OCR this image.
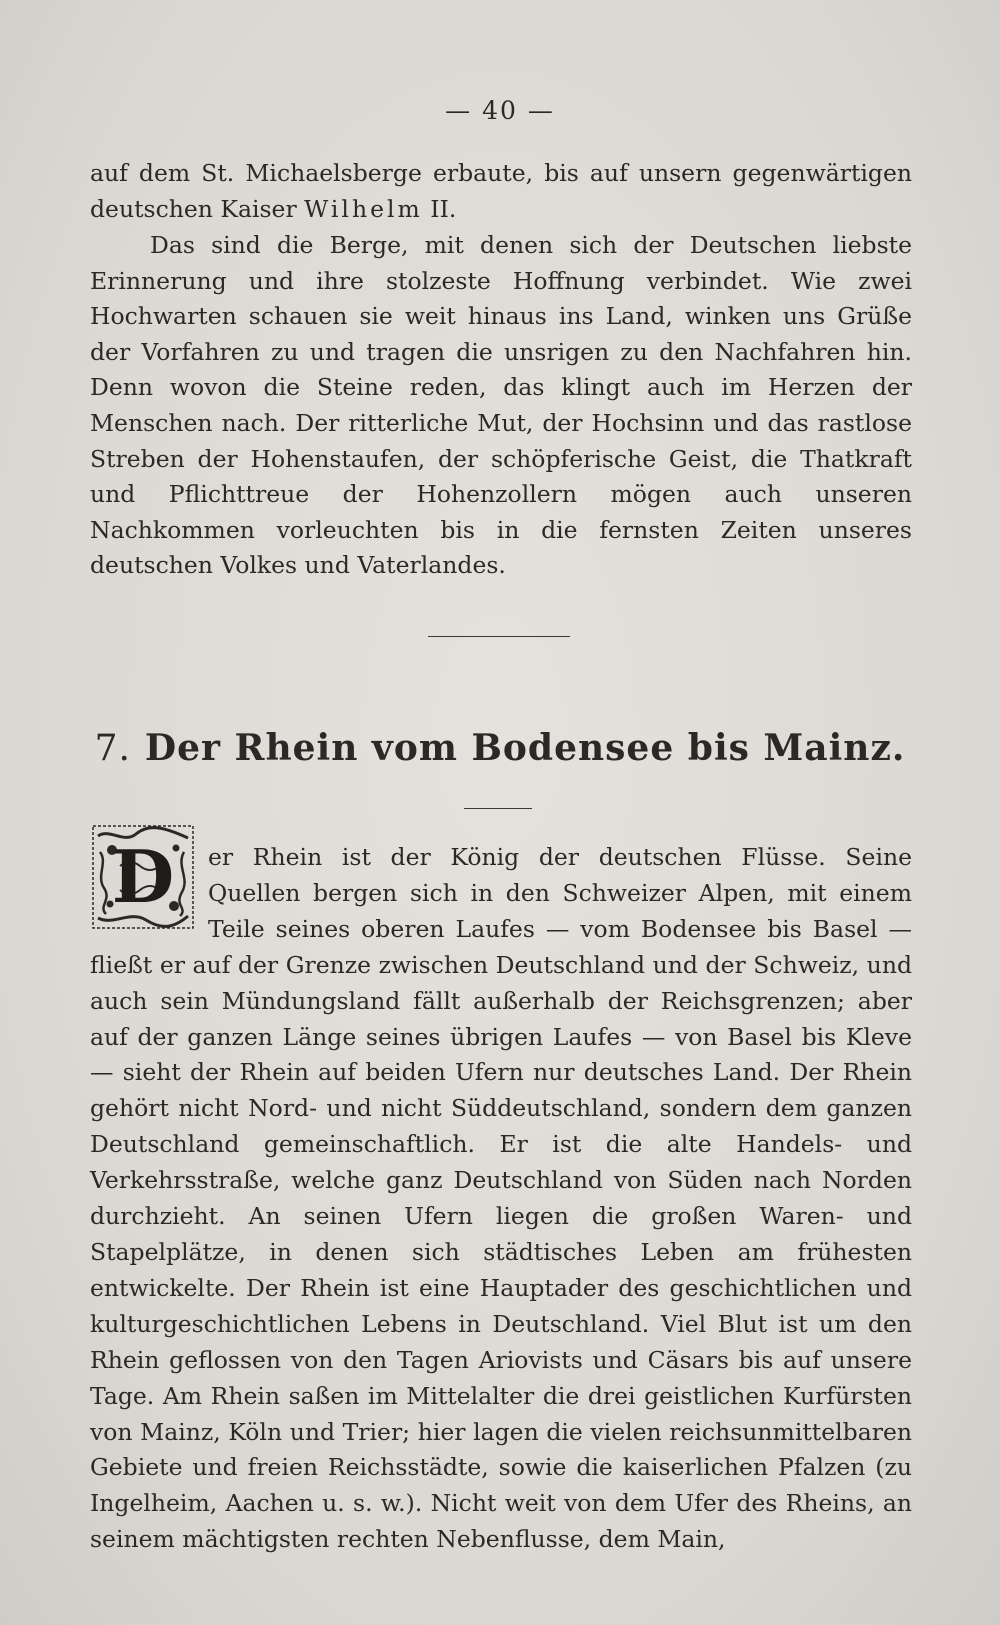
— 40 —

auf dem St. Michaelsberge erbaute, bis auf unsern gegenwärtigen deutschen Kaiser Wilhelm II.

Das sind die Berge, mit denen sich der Deutschen liebste Erinnerung und ihre stolzeste Hoffnung verbindet. Wie zwei Hochwarten schauen sie weit hinaus ins Land, winken uns Grüße der Vorfahren zu und tragen die unsrigen zu den Nachfahren hin. Denn wovon die Steine reden, das klingt auch im Herzen der Menschen nach. Der ritterliche Mut, der Hochsinn und das rastlose Streben der Hohenstaufen, der schöpferische Geist, die Thatkraft und Pflichttreue der Hohenzollern mögen auch unseren Nachkommen vorleuchten bis in die fernsten Zeiten unseres deutschen Volkes und Vaterlandes.

7. Der Rhein vom Bodensee bis Mainz.
D	er Rhein ist der König der deutschen Flüsse. Seine Quellen bergen sich in den Schweizer Alpen, mit einem Teile seines oberen Laufes — vom Bodensee bis Basel — fließt er auf der Grenze zwischen Deutschland und der Schweiz, und auch sein Mündungsland fällt außerhalb der Reichsgrenzen; aber auf der ganzen Länge seines übrigen Laufes — von Basel bis Kleve — sieht der Rhein auf beiden Ufern nur deutsches Land. Der Rhein gehört nicht Nord- und nicht Süddeutschland, sondern dem ganzen Deutschland gemeinschaftlich. Er ist die alte Handels- und Verkehrsstraße, welche ganz Deutschland von Süden nach Norden durchzieht. An seinen Ufern liegen die großen Waren- und Stapelplätze, in denen sich städtisches Leben am frühesten entwickelte. Der Rhein ist eine Hauptader des geschichtlichen und kulturgeschichtlichen Lebens in Deutschland. Viel Blut ist um den Rhein geflossen von den Tagen Ariovists und Cäsars bis auf unsere Tage. Am Rhein saßen im Mittelalter die drei geistlichen Kurfürsten von Mainz, Köln und Trier; hier lagen die vielen reichsunmittelbaren Gebiete und freien Reichsstädte, sowie die kaiserlichen Pfalzen (zu Ingelheim, Aachen u. s. w.). Nicht weit von dem Ufer des Rheins, an seinem mächtigsten rechten Nebenflusse, dem Main,
